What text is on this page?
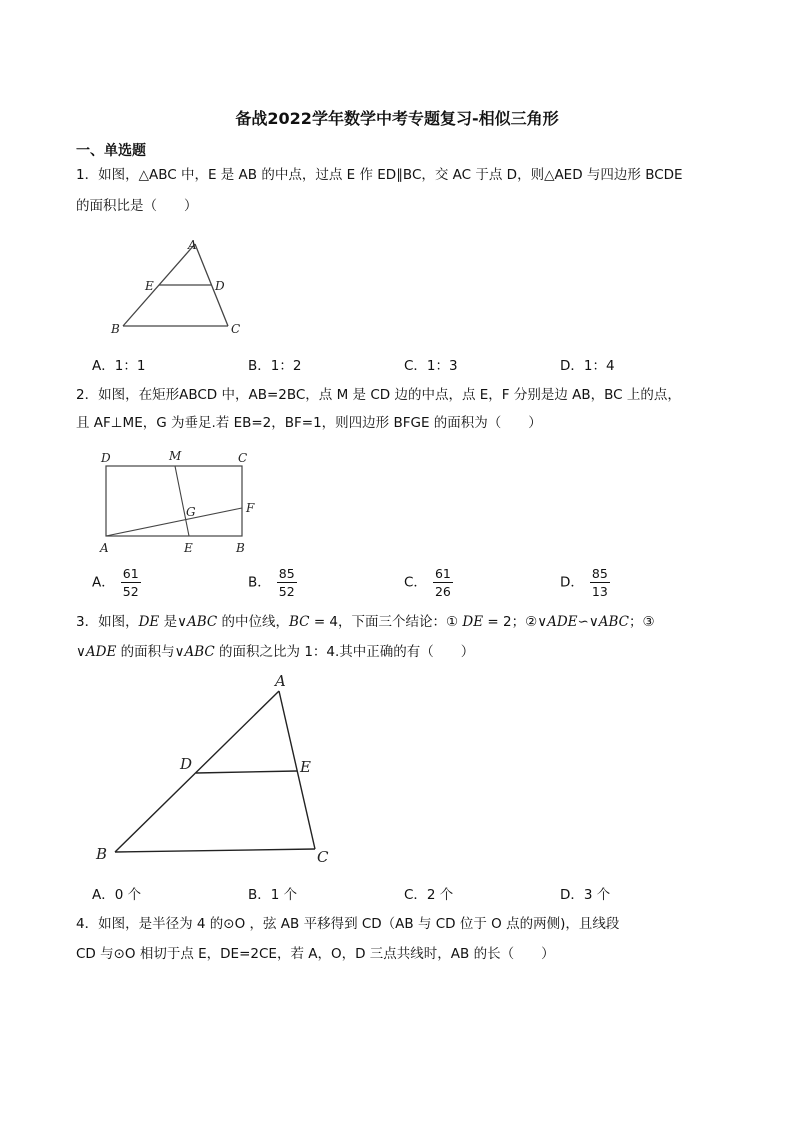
备战2022学年数学中考专题复习-相似三角形
一、单选题
1．如图，△ABC 中，E 是 AB 的中点，过点 E 作 ED∥BC，交 AC 于点 D，则△AED 与四边形 BCDE
的面积比是（　　）
A
E	D
B	C
A．1：1	B．1：2	C．1：3	D．1：4
2．如图，在矩形ABCD 中，AB=2BC，点 M 是 CD 边的中点，点 E，F 分别是边 AB，BC 上的点，
且 AF⊥ME，G 为垂足.若 EB=2，BF=1，则四边形 BFGE 的面积为（　　）
D	M	C
G	F
A	E	B
A． $\frac{61}{52}$	B． $\frac{85}{52}$	C． $\frac{61}{26}$	D． $\frac{85}{13}$
3．如图，DE 是∨ABC 的中位线，BC = 4，下面三个结论：① DE = 2；②∨ADE∽∨ABC；③
∨ADE 的面积与∨ABC 的面积之比为 1：4.其中正确的有（　　）
A
D	E
B	C
A．0 个	B．1 个	C．2 个	D．3 个
4．如图，是半径为 4 的⊙O ，弦 AB 平移得到 CD（AB 与 CD 位于 O 点的两侧)，且线段
CD 与⊙O 相切于点 E，DE=2CE，若 A，O，D 三点共线时，AB 的长（　　）
